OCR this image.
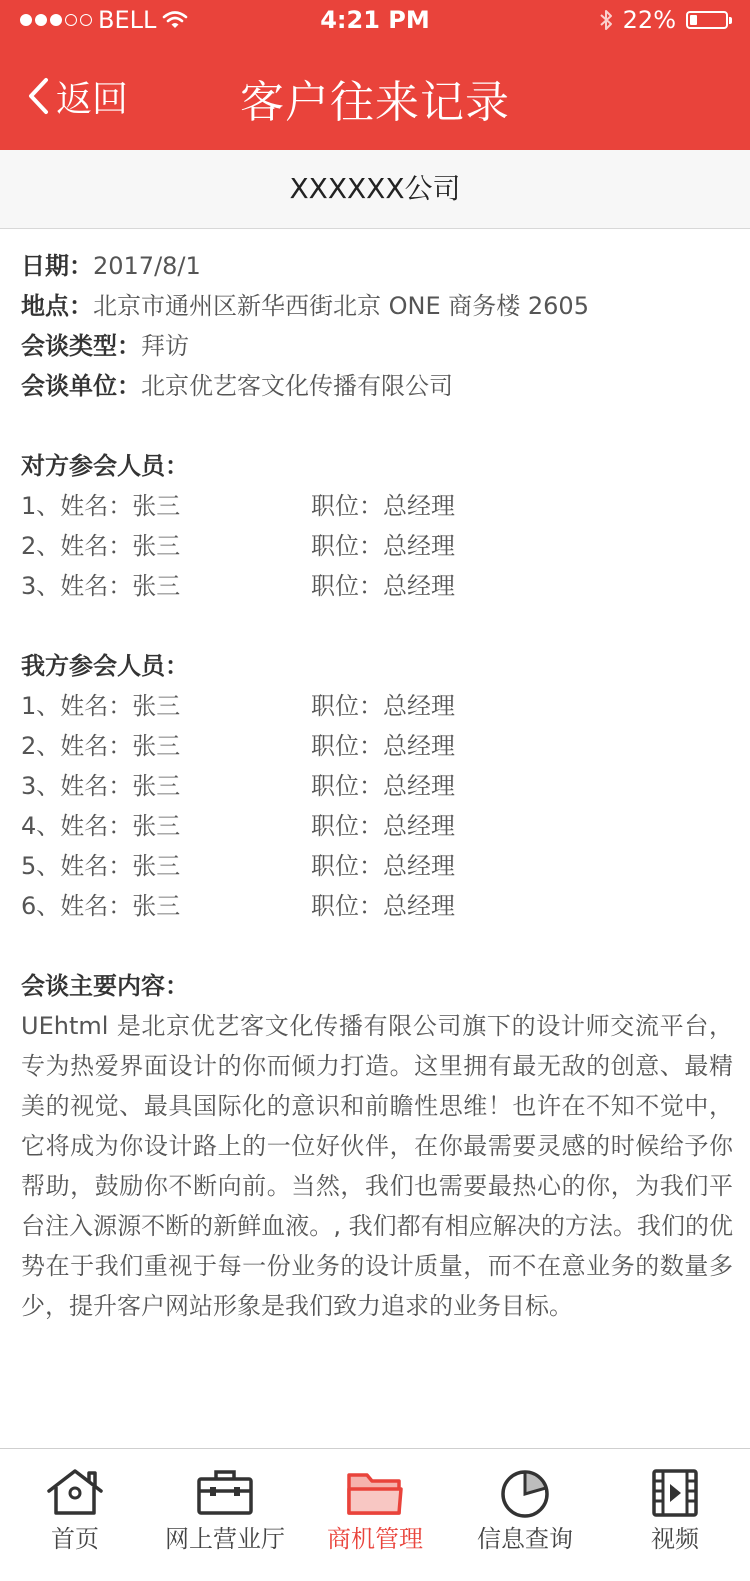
BELL	4:21 PM	22%
返回	客户往来记录
XXXXXX公司
日期：2017/8/1
地点：北京市通州区新华西街北京 ONE 商务楼 2605
会谈类型：拜访
会谈单位：北京优艺客文化传播有限公司
对方参会人员：
1、姓名：张三	职位：总经理
2、姓名：张三	职位：总经理
3、姓名：张三	职位：总经理
我方参会人员：
1、姓名：张三	职位：总经理
2、姓名：张三	职位：总经理
3、姓名：张三	职位：总经理
4、姓名：张三	职位：总经理
5、姓名：张三	职位：总经理
6、姓名：张三	职位：总经理
会谈主要内容：
UEhtml 是北京优艺客文化传播有限公司旗下的设计师交流平台，专为热爱界面设计的你而倾力打造。这里拥有最无敌的创意、最精美的视觉、最具国际化的意识和前瞻性思维！也许在不知不觉中，它将成为你设计路上的一位好伙伴，在你最需要灵感的时候给予你帮助，鼓励你不断向前。当然，我们也需要最热心的你，为我们平台注入源源不断的新鲜血液。, 我们都有相应解决的方法。我们的优势在于我们重视于每一份业务的设计质量，而不在意业务的数量多少，提升客户网站形象是我们致力追求的业务目标。
首页	网上营业厅	商机管理	信息查询	视频
